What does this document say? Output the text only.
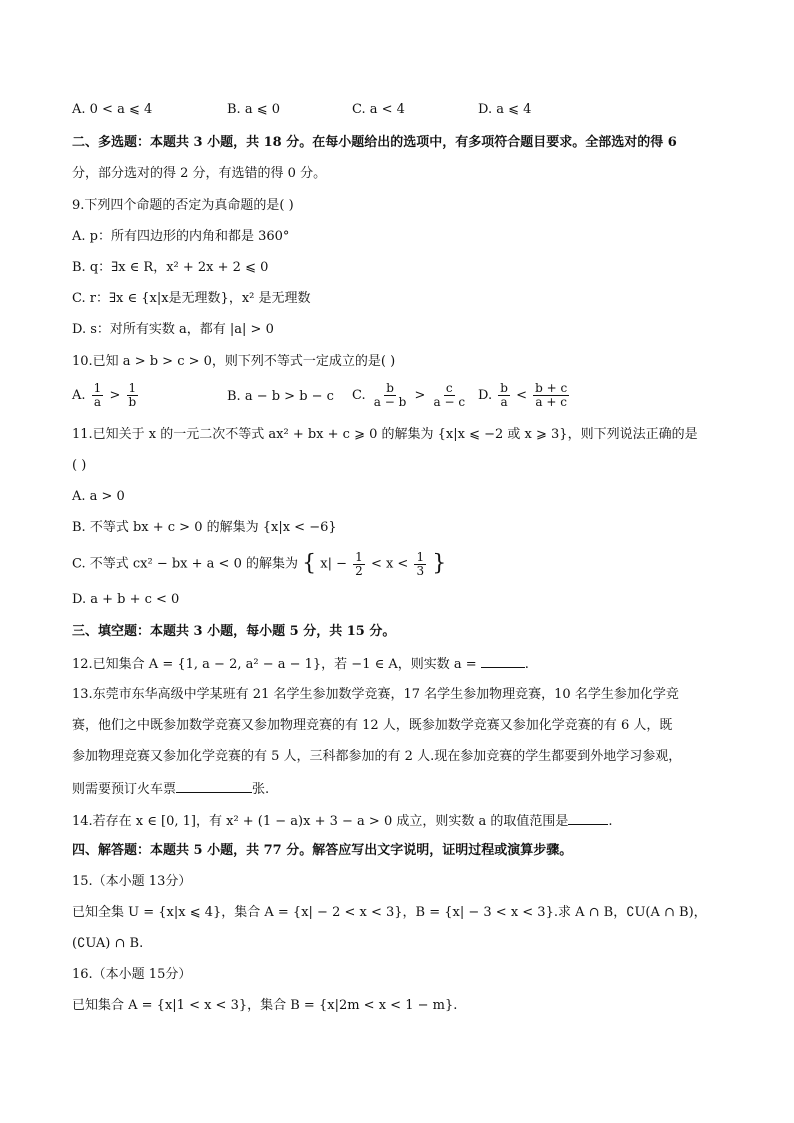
A. 0 < a ⩽ 4	B. a ⩽ 0	C. a < 4	D. a ⩽ 4
二、多选题：本题共 3 小题，共 18 分。在每小题给出的选项中，有多项符合题目要求。全部选对的得 6
分，部分选对的得 2 分，有选错的得 0 分。
9.下列四个命题的否定为真命题的是( )
A. p：所有四边形的内角和都是 360°
B. q：∃x ∈ R，x² + 2x + 2 ⩽ 0
C. r：∃x ∈ {x|x是无理数}，x² 是无理数
D. s：对所有实数 a，都有 |a| > 0
10.已知 a > b > c > 0，则下列不等式一定成立的是( )
A. $\frac{1}{a} > \frac{1}{b}$	B. a − b > b − c C. $\frac{b}{a - b} > \frac{c}{a - c} D$. $\frac{b}{a} < \frac{b + c}{a + c}$
11.已知关于 x 的一元二次不等式 ax² + bx + c ⩾ 0 的解集为 {x|x ⩽ −2 或 x ⩾ 3}，则下列说法正确的是
( )
A. a > 0
B. 不等式 bx + c > 0 的解集为 {x|x < −6}
C. 不等式 cx² − bx + a < 0 的解集为 { $x| - \frac{1}{2} < x < \frac{1}{3}$ }
D. a + b + c < 0
三、填空题：本题共 3 小题，每小题 5 分，共 15 分。
12.已知集合 A = {1, a − 2, a² − a − 1}，若 −1 ∈ A，则实数 a =	.
13.东莞市东华高级中学某班有 21 名学生参加数学竞赛，17 名学生参加物理竞赛，10 名学生参加化学竞
赛，他们之中既参加数学竞赛又参加物理竞赛的有 12 人，既参加数学竞赛又参加化学竞赛的有 6 人，既
参加物理竞赛又参加化学竞赛的有 5 人，三科都参加的有 2 人.现在参加竞赛的学生都要到外地学习参观，
则需要预订火车票	张.
14.若存在 x ∈ [0, 1]，有 x² + (1 − a)x + 3 − a > 0 成立，则实数 a 的取值范围是	.
四、解答题：本题共 5 小题，共 77 分。解答应写出文字说明，证明过程或演算步骤。
15.（本小题 13分）
已知全集 U = {x|x ⩽ 4}，集合 A = {x| − 2 < x < 3}，B = {x| − 3 < x < 3}.求 A ∩ B，∁U(A ∩ B)，
(∁UA) ∩ B.
16.（本小题 15分）
已知集合 A = {x|1 < x < 3}，集合 B = {x|2m < x < 1 − m}.
